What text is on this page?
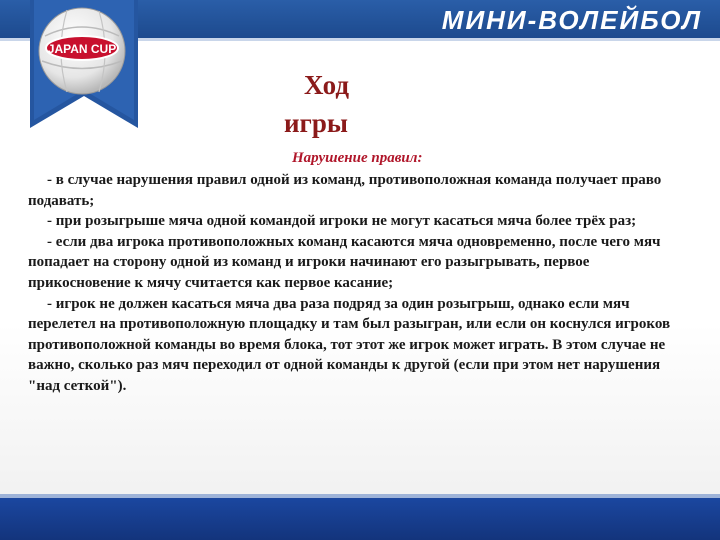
МИНИ-ВОЛЕЙБОЛ
JAPAN CUP
Ход
игры
Нарушение правил:

- в случае нарушения правил одной из команд, противоположная команда получает право подавать;

- при розыгрыше мяча одной командой игроки не могут касаться мяча более трёх раз;

- если два игрока противоположных команд касаются мяча одновременно, после чего мяч попадает на сторону одной из команд и игроки начинают его разыгрывать, первое прикосновение к мячу считается как первое касание;

- игрок не должен касаться мяча два раза подряд за один розыгрыш, однако если мяч перелетел на противоположную площадку и там был разыгран, или если он коснулся игроков противоположной команды во время блока, тот этот же игрок может играть. В этом случае не важно, сколько раз мяч переходил от одной команды к другой (если при этом нет нарушения "над сеткой").
